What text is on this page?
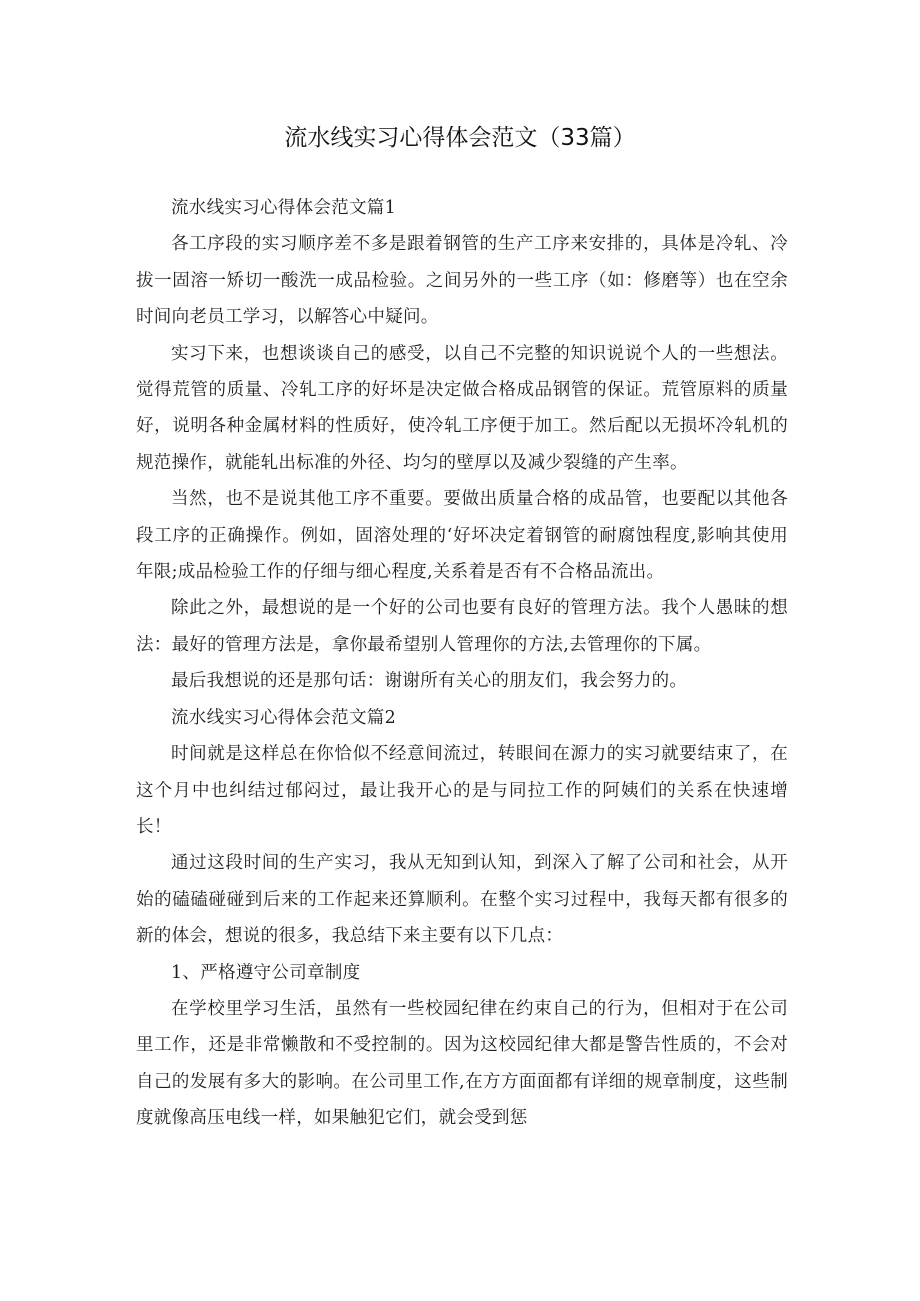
流水线实习心得体会范文（33篇）

流水线实习心得体会范文篇1

各工序段的实习顺序差不多是跟着钢管的生产工序来安排的，具体是冷轧、冷拔一固溶一矫切一酸洗一成品检验。之间另外的一些工序（如：修磨等）也在空余时间向老员工学习，以解答心中疑问。

实习下来，也想谈谈自己的感受，以自己不完整的知识说说个人的一些想法。觉得荒管的质量、冷轧工序的好坏是决定做合格成品钢管的保证。荒管原料的质量好，说明各种金属材料的性质好，使冷轧工序便于加工。然后配以无损坏冷轧机的规范操作，就能轧出标准的外径、均匀的壁厚以及减少裂缝的产生率。

当然，也不是说其他工序不重要。要做出质量合格的成品管，也要配以其他各段工序的正确操作。例如，固溶处理的‘好坏决定着钢管的耐腐蚀程度,影响其使用年限;成品检验工作的仔细与细心程度,关系着是否有不合格品流出。

除此之外，最想说的是一个好的公司也要有良好的管理方法。我个人愚昧的想法：最好的管理方法是，拿你最希望别人管理你的方法,去管理你的下属。

最后我想说的还是那句话：谢谢所有关心的朋友们，我会努力的。

流水线实习心得体会范文篇2

时间就是这样总在你恰似不经意间流过，转眼间在源力的实习就要结束了，在这个月中也纠结过郁闷过，最让我开心的是与同拉工作的阿姨们的关系在快速增长！

通过这段时间的生产实习，我从无知到认知，到深入了解了公司和社会，从开始的磕磕碰碰到后来的工作起来还算顺利。在整个实习过程中，我每天都有很多的新的体会，想说的很多，我总结下来主要有以下几点：

1、严格遵守公司章制度

在学校里学习生活，虽然有一些校园纪律在约束自己的行为，但相对于在公司里工作，还是非常懒散和不受控制的。因为这校园纪律大都是警告性质的，不会对自己的发展有多大的影响。在公司里工作,在方方面面都有详细的规章制度，这些制度就像高压电线一样，如果触犯它们，就会受到惩
